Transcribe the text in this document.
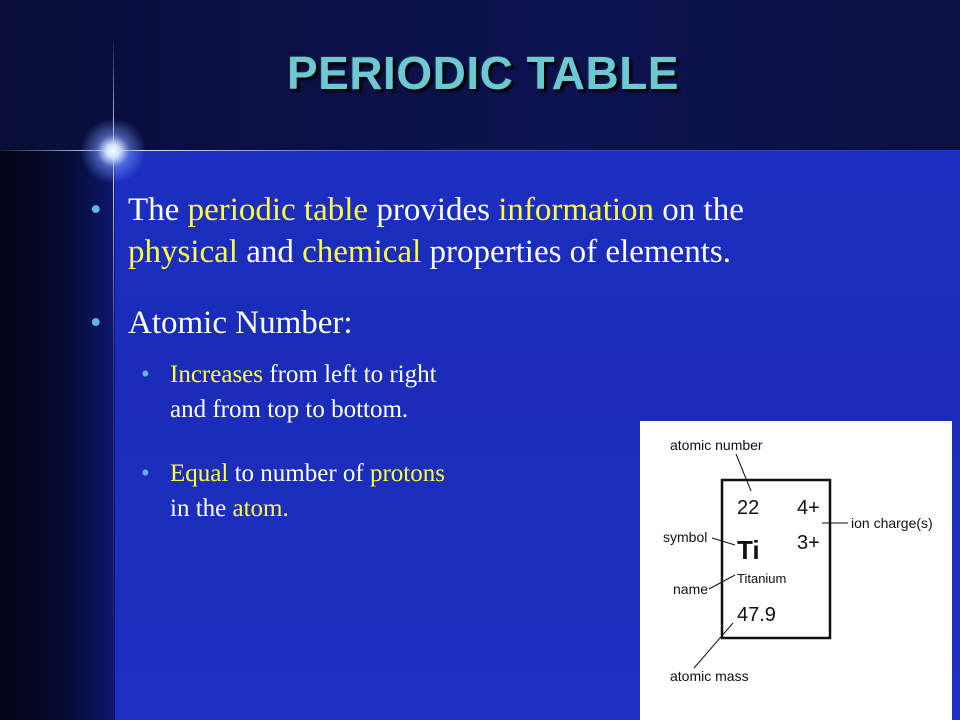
PERIODIC TABLE
• The periodic table provides information on the
physical and chemical properties of elements.
• Atomic Number:
• Increases from left to right
and from top to bottom.
• Equal to number of protons
in the atom.
atomic number
symbol
name
atomic mass
ion charge(s)
22 4+
Ti 3+
Titanium
47.9
